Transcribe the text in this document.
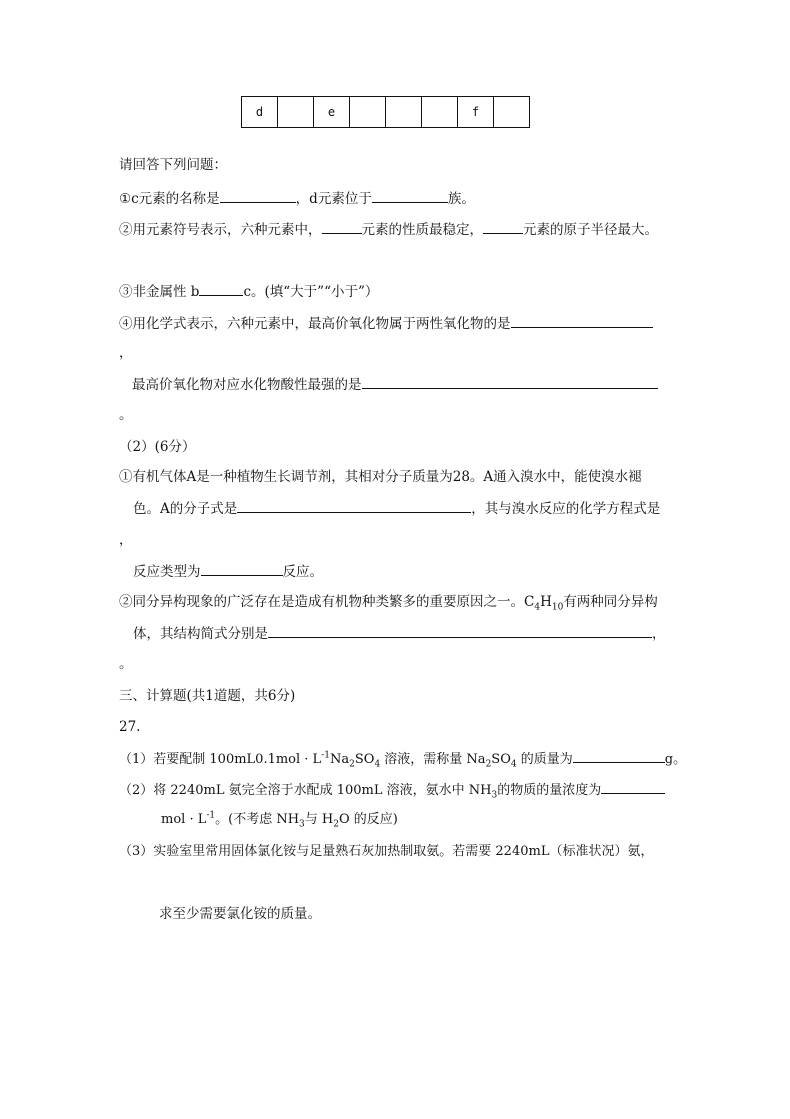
d		e				f	
请回答下列问题：
①c元素的名称是	，d元素位于	族。
②用元素符号表示，六种元素中，	元素的性质最稳定，	元素的原子半径最大。
③非金属性 b	c。(填“大于”“小于”）
④用化学式表示，六种元素中，最高价氧化物属于两性氧化物的是
，
最高价氧化物对应水化物酸性最强的是
。
（2）(6分）
①有机气体A是一种植物生长调节剂，其相对分子质量为28。A通入溴水中，能使溴水褪
色。A的分子式是	，其与溴水反应的化学方程式是
，
反应类型为	反应。
②同分异构现象的广泛存在是造成有机物种类繁多的重要原因之一。$C_4H_{10}$有两种同分异构
体，其结构简式分别是	，
。
三、计算题(共1道题，共6分)
27.
（1）若要配制 $100mL0.1mol \cdot L^{-1}Na_2SO_4$ 溶液，需称量 $Na_2SO_4$ 的质量为	g。
（2）将 2240mL 氨完全溶于水配成 100mL 溶液，氨水中 $NH_3$的物质的量浓度为
mol · $L^{-1}$。(不考虑 $NH_3$与 $H_2O$ 的反应)
（3）实验室里常用固体氯化铵与足量熟石灰加热制取氨。若需要 2240mL（标准状况）氨，
求至少需要氯化铵的质量。
